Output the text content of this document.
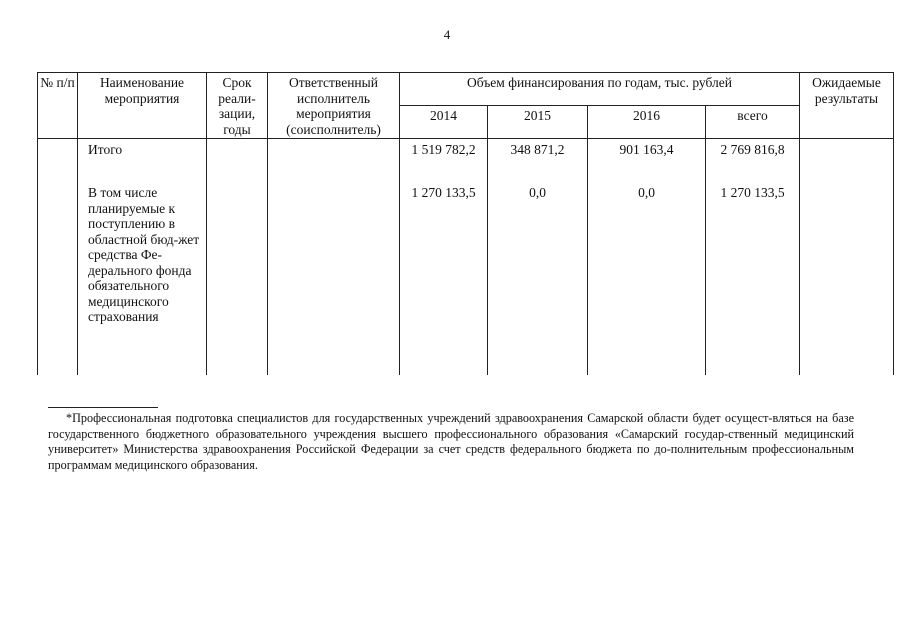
4
№ п/п	Наименование мероприятия	Срок реали-зации, годы	Ответственный исполнитель мероприятия (соисполнитель)	Объем финансирования по годам, тыс. рублей				Ожидаемые результаты
				2014	2015	2016	всего	
	Итого			1 519 782,2	348 871,2	901 163,4	2 769 816,8	

	В том числе планируемые к поступлению в областной бюд-жет средства Фе-дерального фонда обязательного медицинского страхования			1 270 133,5	0,0	0,0	1 270 133,5	

*Профессиональная подготовка специалистов для государственных учреждений здравоохранения Самарской области будет осущест-вляться на базе государственного бюджетного образовательного учреждения высшего профессионального образования «Самарский государ-ственный медицинский университет» Министерства здравоохранения Российской Федерации за счет средств федерального бюджета по до-полнительным профессиональным программам медицинского образования.
